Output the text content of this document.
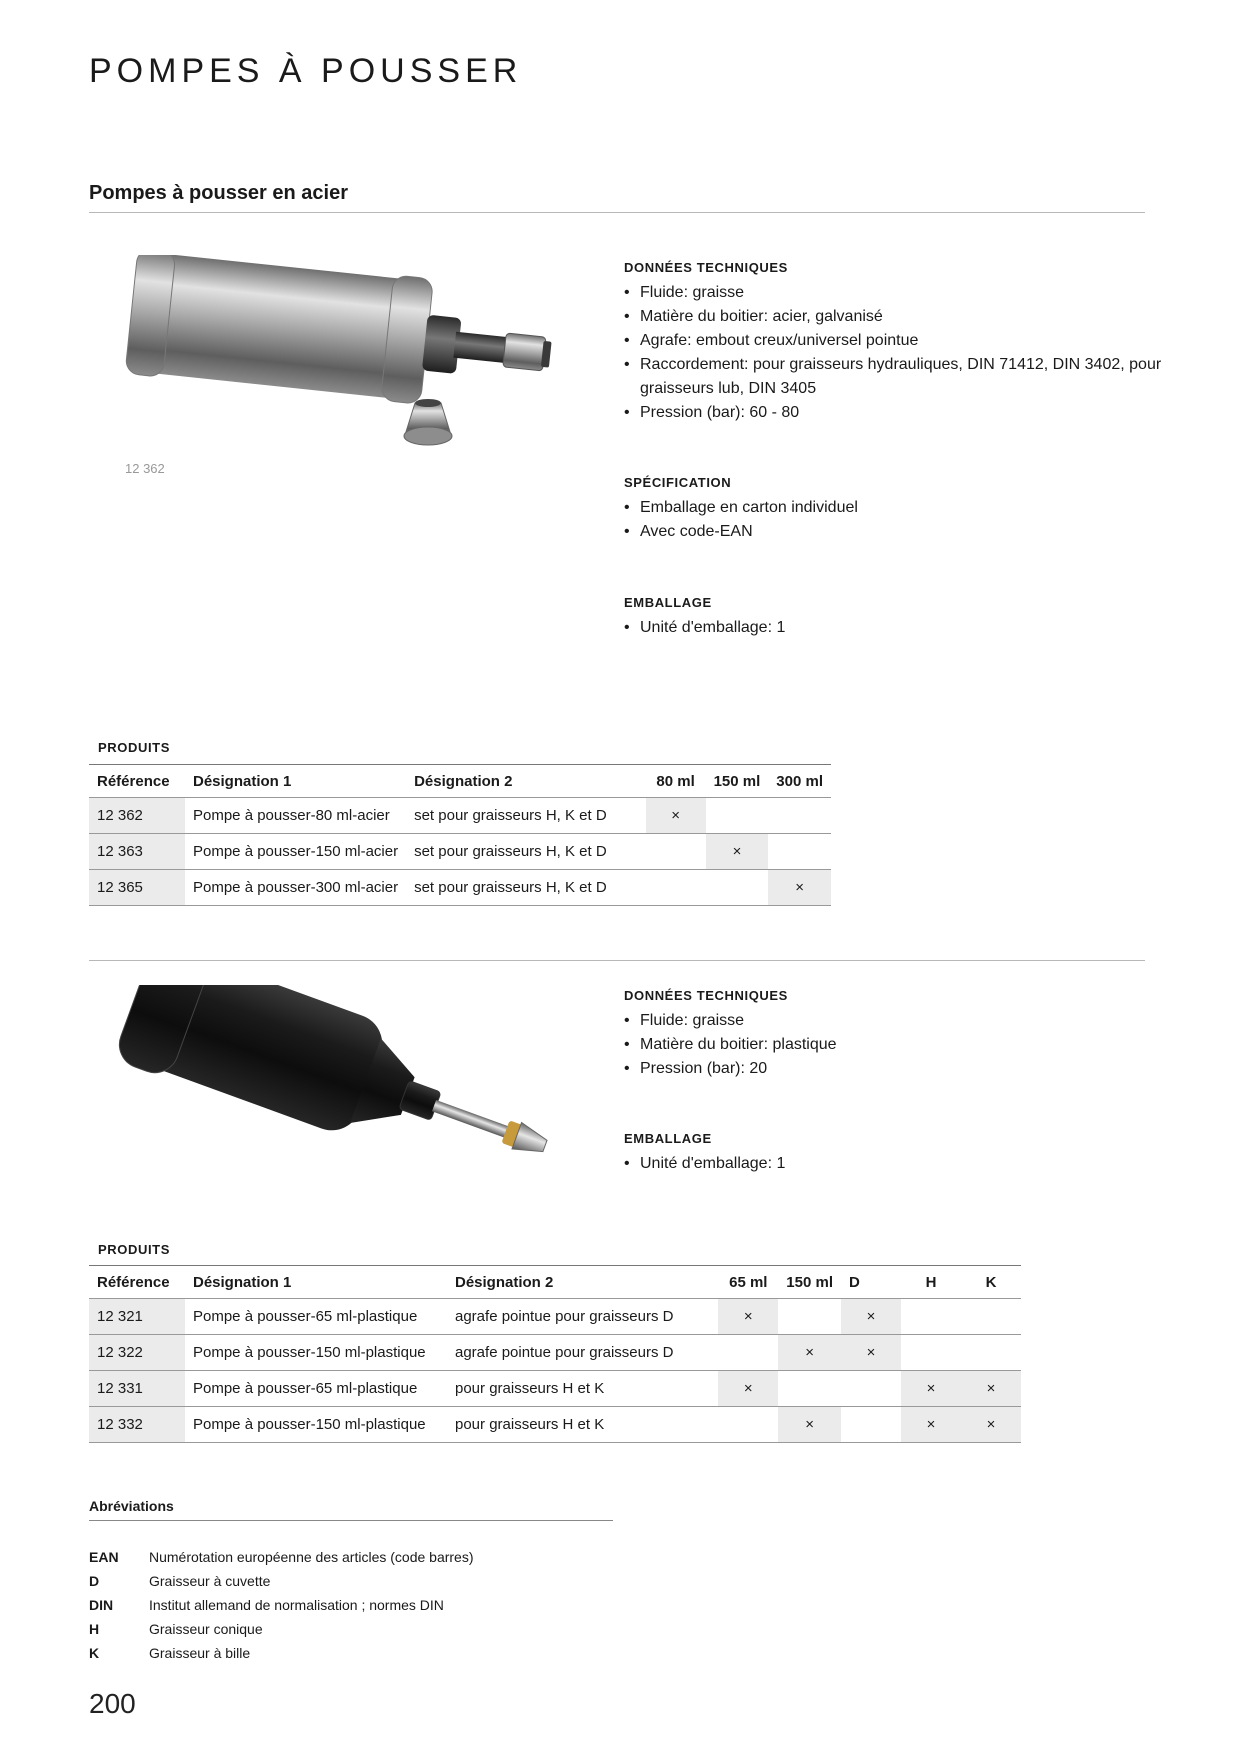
POMPES À POUSSER
Pompes à pousser en acier
12 362
DONNÉES TECHNIQUES
• Fluide: graisse
• Matière du boitier: acier, galvanisé
• Agrafe: embout creux/universel pointue
• Raccordement: pour graisseurs hydrauliques, DIN 71412, DIN 3402, pour graisseurs lub, DIN 3405
• Pression (bar): 60 - 80
SPÉCIFICATION
• Emballage en carton individuel
• Avec code-EAN
EMBALLAGE
• Unité d'emballage: 1
PRODUITS
Référence	Désignation 1	Désignation 2	80 ml	150 ml	300 ml
12 362	Pompe à pousser-80 ml-acier	set pour graisseurs H, K et D	×		
12 363	Pompe à pousser-150 ml-acier	set pour graisseurs H, K et D		×	
12 365	Pompe à pousser-300 ml-acier	set pour graisseurs H, K et D			×
DONNÉES TECHNIQUES
• Fluide: graisse
• Matière du boitier: plastique
• Pression (bar): 20
EMBALLAGE
• Unité d'emballage: 1
PRODUITS
Référence	Désignation 1	Désignation 2	65 ml	150 ml	D	H	K
12 321	Pompe à pousser-65 ml-plastique	agrafe pointue pour graisseurs D	×		×		
12 322	Pompe à pousser-150 ml-plastique	agrafe pointue pour graisseurs D		×	×		
12 331	Pompe à pousser-65 ml-plastique	pour graisseurs H et K	×			×	×
12 332	Pompe à pousser-150 ml-plastique	pour graisseurs H et K		×		×	×
Abréviations
EAN Numérotation européenne des articles (code barres)
D	Graisseur à cuvette
DIN	Institut allemand de normalisation ; normes DIN
H	Graisseur conique
K	Graisseur à bille
200
